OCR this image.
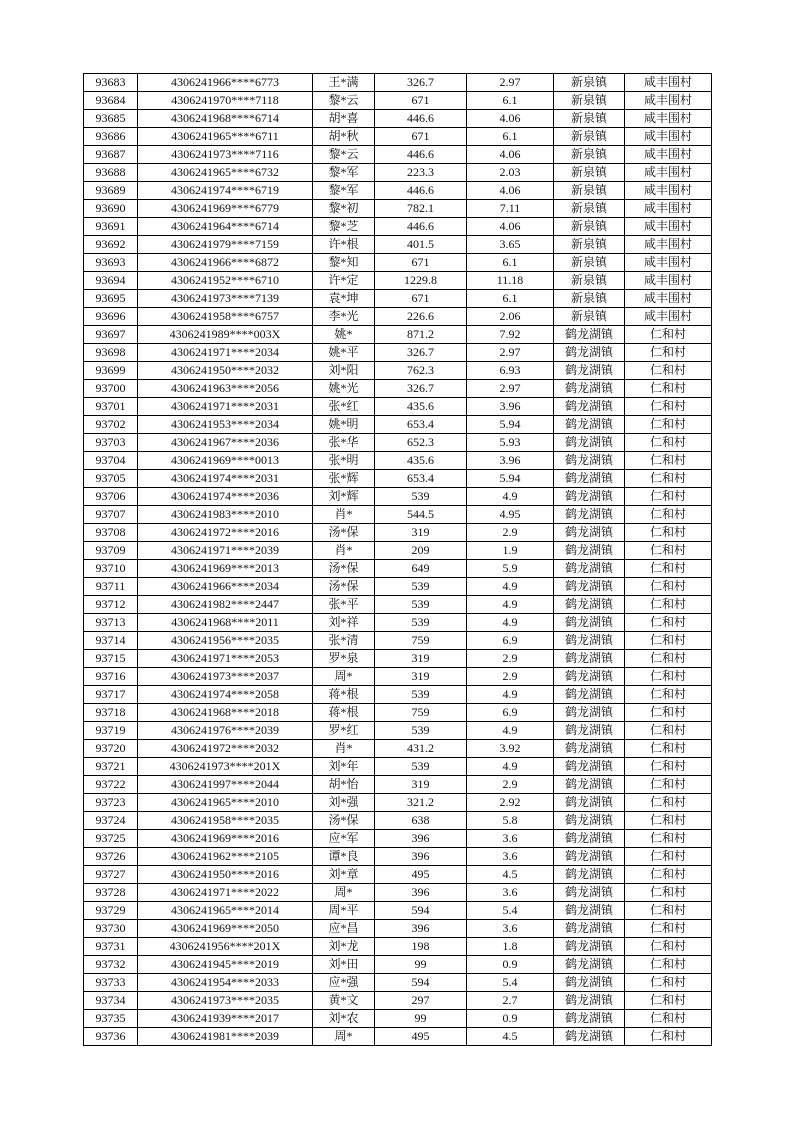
93683	4306241966****6773	王*满	326.7	2.97	新泉镇	咸丰围村
93684	4306241970****7118	黎*云	671	6.1	新泉镇	咸丰围村
93685	4306241968****6714	胡*喜	446.6	4.06	新泉镇	咸丰围村
93686	4306241965****6711	胡*秋	671	6.1	新泉镇	咸丰围村
93687	4306241973****7116	黎*云	446.6	4.06	新泉镇	咸丰围村
93688	4306241965****6732	黎*军	223.3	2.03	新泉镇	咸丰围村
93689	4306241974****6719	黎*军	446.6	4.06	新泉镇	咸丰围村
93690	4306241969****6779	黎*初	782.1	7.11	新泉镇	咸丰围村
93691	4306241964****6714	黎*芝	446.6	4.06	新泉镇	咸丰围村
93692	4306241979****7159	许*根	401.5	3.65	新泉镇	咸丰围村
93693	4306241966****6872	黎*知	671	6.1	新泉镇	咸丰围村
93694	4306241952****6710	许*定	1229.8	11.18	新泉镇	咸丰围村
93695	4306241973****7139	袁*坤	671	6.1	新泉镇	咸丰围村
93696	4306241958****6757	李*光	226.6	2.06	新泉镇	咸丰围村
93697	4306241989****003X	姚*	871.2	7.92	鹤龙湖镇	仁和村
93698	4306241971****2034	姚*平	326.7	2.97	鹤龙湖镇	仁和村
93699	4306241950****2032	刘*阳	762.3	6.93	鹤龙湖镇	仁和村
93700	4306241963****2056	姚*光	326.7	2.97	鹤龙湖镇	仁和村
93701	4306241971****2031	张*红	435.6	3.96	鹤龙湖镇	仁和村
93702	4306241953****2034	姚*明	653.4	5.94	鹤龙湖镇	仁和村
93703	4306241967****2036	张*华	652.3	5.93	鹤龙湖镇	仁和村
93704	4306241969****0013	张*明	435.6	3.96	鹤龙湖镇	仁和村
93705	4306241974****2031	张*辉	653.4	5.94	鹤龙湖镇	仁和村
93706	4306241974****2036	刘*辉	539	4.9	鹤龙湖镇	仁和村
93707	4306241983****2010	肖*	544.5	4.95	鹤龙湖镇	仁和村
93708	4306241972****2016	汤*保	319	2.9	鹤龙湖镇	仁和村
93709	4306241971****2039	肖*	209	1.9	鹤龙湖镇	仁和村
93710	4306241969****2013	汤*保	649	5.9	鹤龙湖镇	仁和村
93711	4306241966****2034	汤*保	539	4.9	鹤龙湖镇	仁和村
93712	4306241982****2447	张*平	539	4.9	鹤龙湖镇	仁和村
93713	4306241968****2011	刘*祥	539	4.9	鹤龙湖镇	仁和村
93714	4306241956****2035	张*清	759	6.9	鹤龙湖镇	仁和村
93715	4306241971****2053	罗*泉	319	2.9	鹤龙湖镇	仁和村
93716	4306241973****2037	周*	319	2.9	鹤龙湖镇	仁和村
93717	4306241974****2058	蒋*根	539	4.9	鹤龙湖镇	仁和村
93718	4306241968****2018	蒋*根	759	6.9	鹤龙湖镇	仁和村
93719	4306241976****2039	罗*红	539	4.9	鹤龙湖镇	仁和村
93720	4306241972****2032	肖*	431.2	3.92	鹤龙湖镇	仁和村
93721	4306241973****201X	刘*年	539	4.9	鹤龙湖镇	仁和村
93722	4306241997****2044	胡*怡	319	2.9	鹤龙湖镇	仁和村
93723	4306241965****2010	刘*强	321.2	2.92	鹤龙湖镇	仁和村
93724	4306241958****2035	汤*保	638	5.8	鹤龙湖镇	仁和村
93725	4306241969****2016	应*军	396	3.6	鹤龙湖镇	仁和村
93726	4306241962****2105	谭*良	396	3.6	鹤龙湖镇	仁和村
93727	4306241950****2016	刘*章	495	4.5	鹤龙湖镇	仁和村
93728	4306241971****2022	周*	396	3.6	鹤龙湖镇	仁和村
93729	4306241965****2014	周*平	594	5.4	鹤龙湖镇	仁和村
93730	4306241969****2050	应*昌	396	3.6	鹤龙湖镇	仁和村
93731	4306241956****201X	刘*龙	198	1.8	鹤龙湖镇	仁和村
93732	4306241945****2019	刘*田	99	0.9	鹤龙湖镇	仁和村
93733	4306241954****2033	应*强	594	5.4	鹤龙湖镇	仁和村
93734	4306241973****2035	黄*文	297	2.7	鹤龙湖镇	仁和村
93735	4306241939****2017	刘*农	99	0.9	鹤龙湖镇	仁和村
93736	4306241981****2039	周*	495	4.5	鹤龙湖镇	仁和村
